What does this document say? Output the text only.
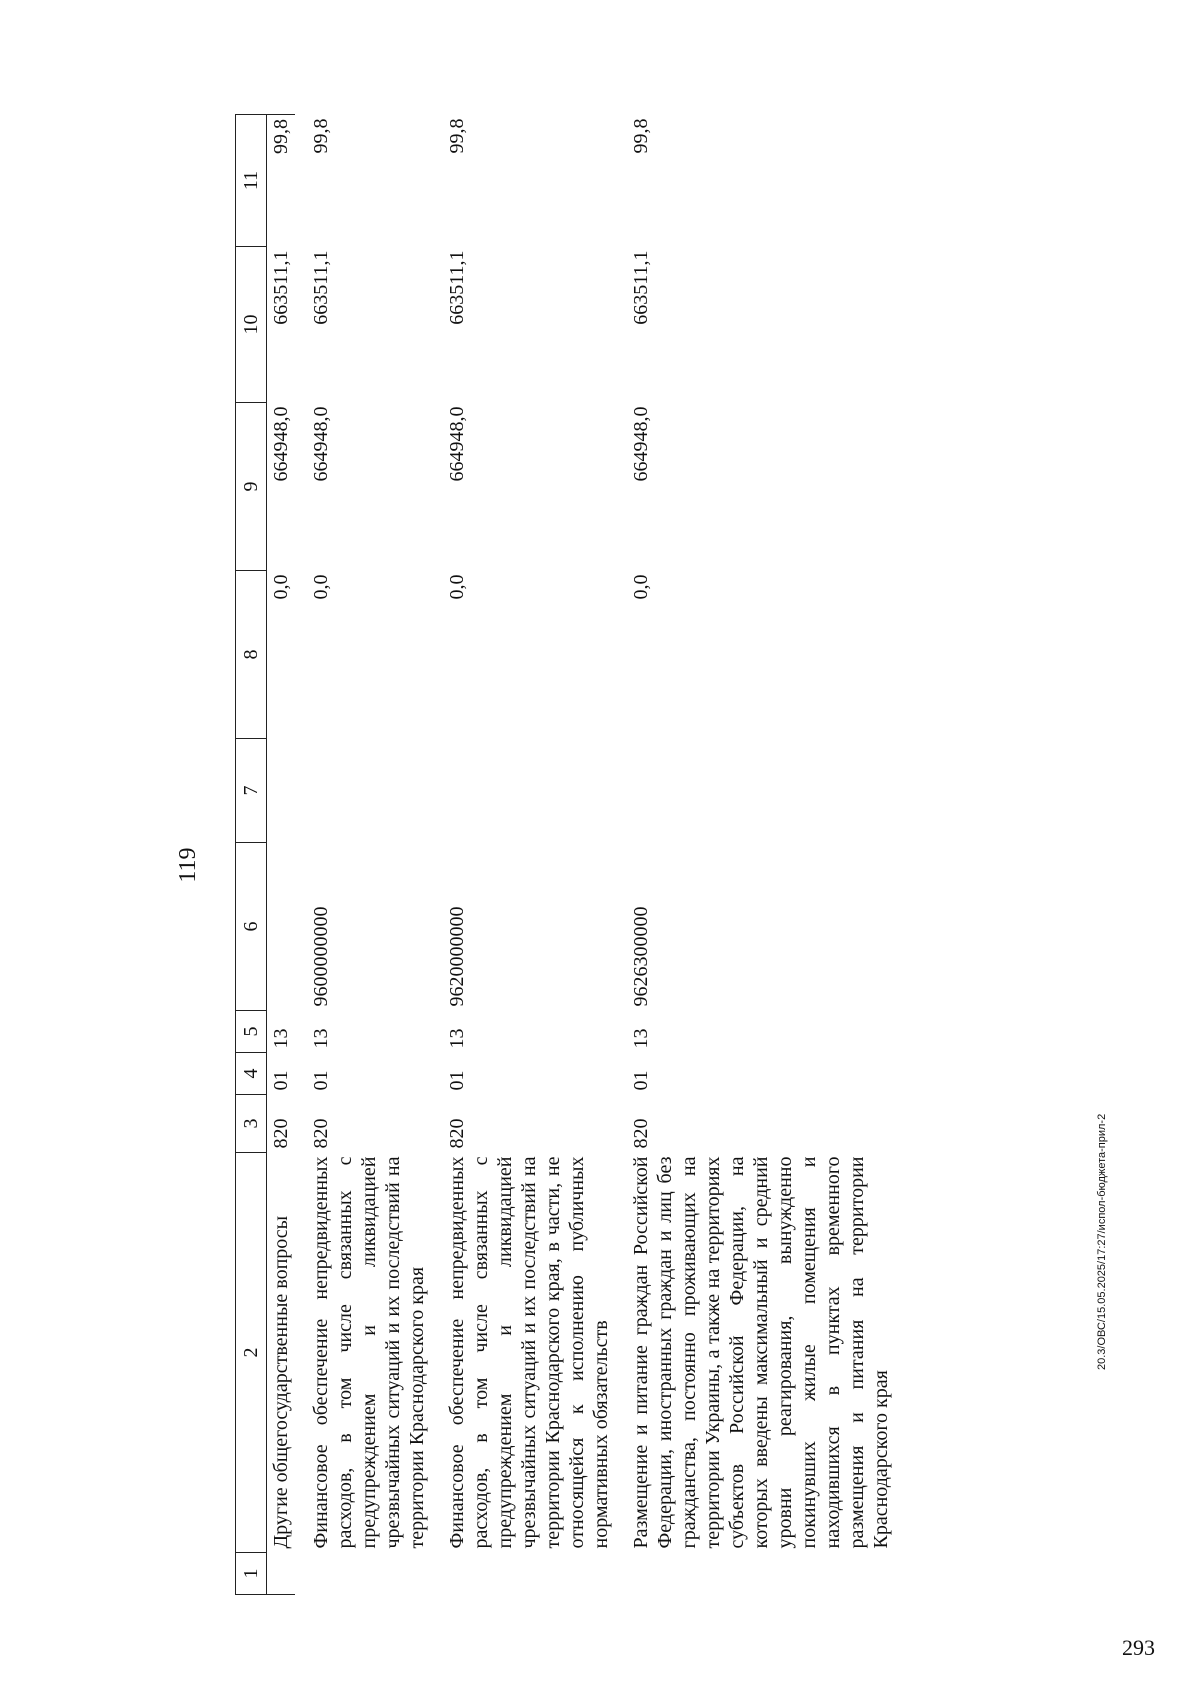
119
1	2	3	4	5	6	7	8	9	10	11
	Другие общегосударственные вопросы	820	01	13			0,0	664948,0	663511,1	99,8
	Финансовое обеспечение непредвиденных расходов, в том числе связанных с предупреждением и ликвидацией чрезвычайных ситуаций и их последствий на территории Краснодарского края	820	01	13	9600000000		0,0	664948,0	663511,1	99,8
	Финансовое обеспечение непредвиденных расходов, в том числе связанных с предупреждением и ликвидацией чрезвычайных ситуаций и их последствий на территории Краснодарского края, в части, не относящейся к исполнению публичных нормативных обязательств	820	01	13	9620000000		0,0	664948,0	663511,1	99,8
	Размещение и питание граждан Российской Федерации, иностранных граждан и лиц без гражданства, постоянно проживающих на территории Украины, а также на территориях субъектов Российской Федерации, на которых введены максимальный и средний уровни реагирования, вынужденно покинувших жилые помещения и находившихся в пунктах временного размещения и питания на территории Краснодарского края	820	01	13	9626300000		0,0	664948,0	663511,1	99,8
20.3/ОВС/15.05.2025/17:27/испол-бюджета-прил-2
293
